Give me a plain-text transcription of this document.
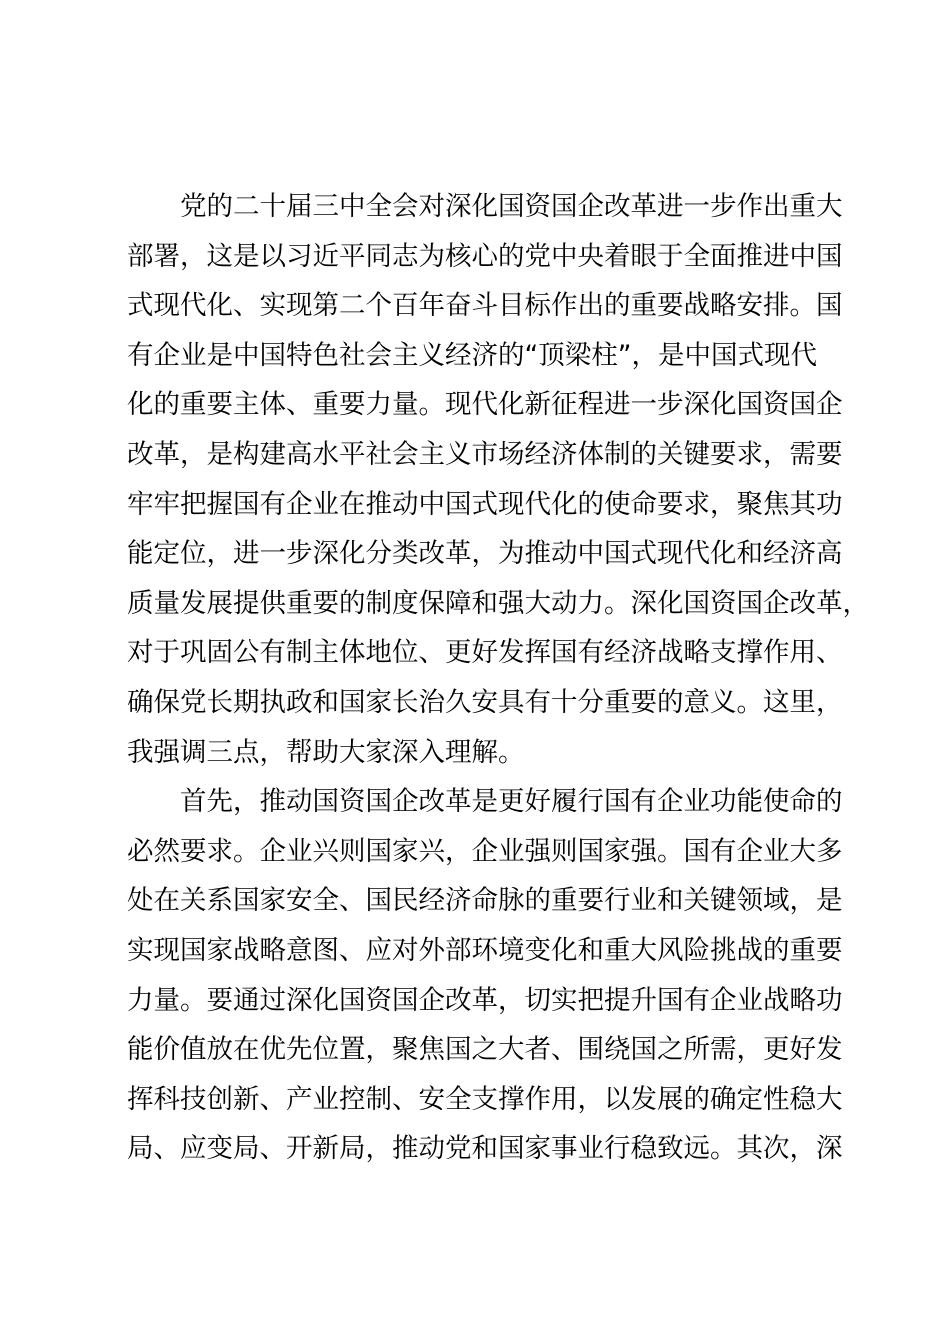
　　党的二十届三中全会对深化国资国企改革进一步作出重大
部署，这是以习近平同志为核心的党中央着眼于全面推进中国
式现代化、实现第二个百年奋斗目标作出的重要战略安排。国
有企业是中国特色社会主义经济的“顶梁柱”，是中国式现代
化的重要主体、重要力量。现代化新征程进一步深化国资国企
改革，是构建高水平社会主义市场经济体制的关键要求，需要
牢牢把握国有企业在推动中国式现代化的使命要求，聚焦其功
能定位，进一步深化分类改革，为推动中国式现代化和经济高
质量发展提供重要的制度保障和强大动力。深化国资国企改革，
对于巩固公有制主体地位、更好发挥国有经济战略支撑作用、
确保党长期执政和国家长治久安具有十分重要的意义。这里，
我强调三点，帮助大家深入理解。
　　首先，推动国资国企改革是更好履行国有企业功能使命的
必然要求。企业兴则国家兴，企业强则国家强。国有企业大多
处在关系国家安全、国民经济命脉的重要行业和关键领域，是
实现国家战略意图、应对外部环境变化和重大风险挑战的重要
力量。要通过深化国资国企改革，切实把提升国有企业战略功
能价值放在优先位置，聚焦国之大者、围绕国之所需，更好发
挥科技创新、产业控制、安全支撑作用，以发展的确定性稳大
局、应变局、开新局，推动党和国家事业行稳致远。其次，深
